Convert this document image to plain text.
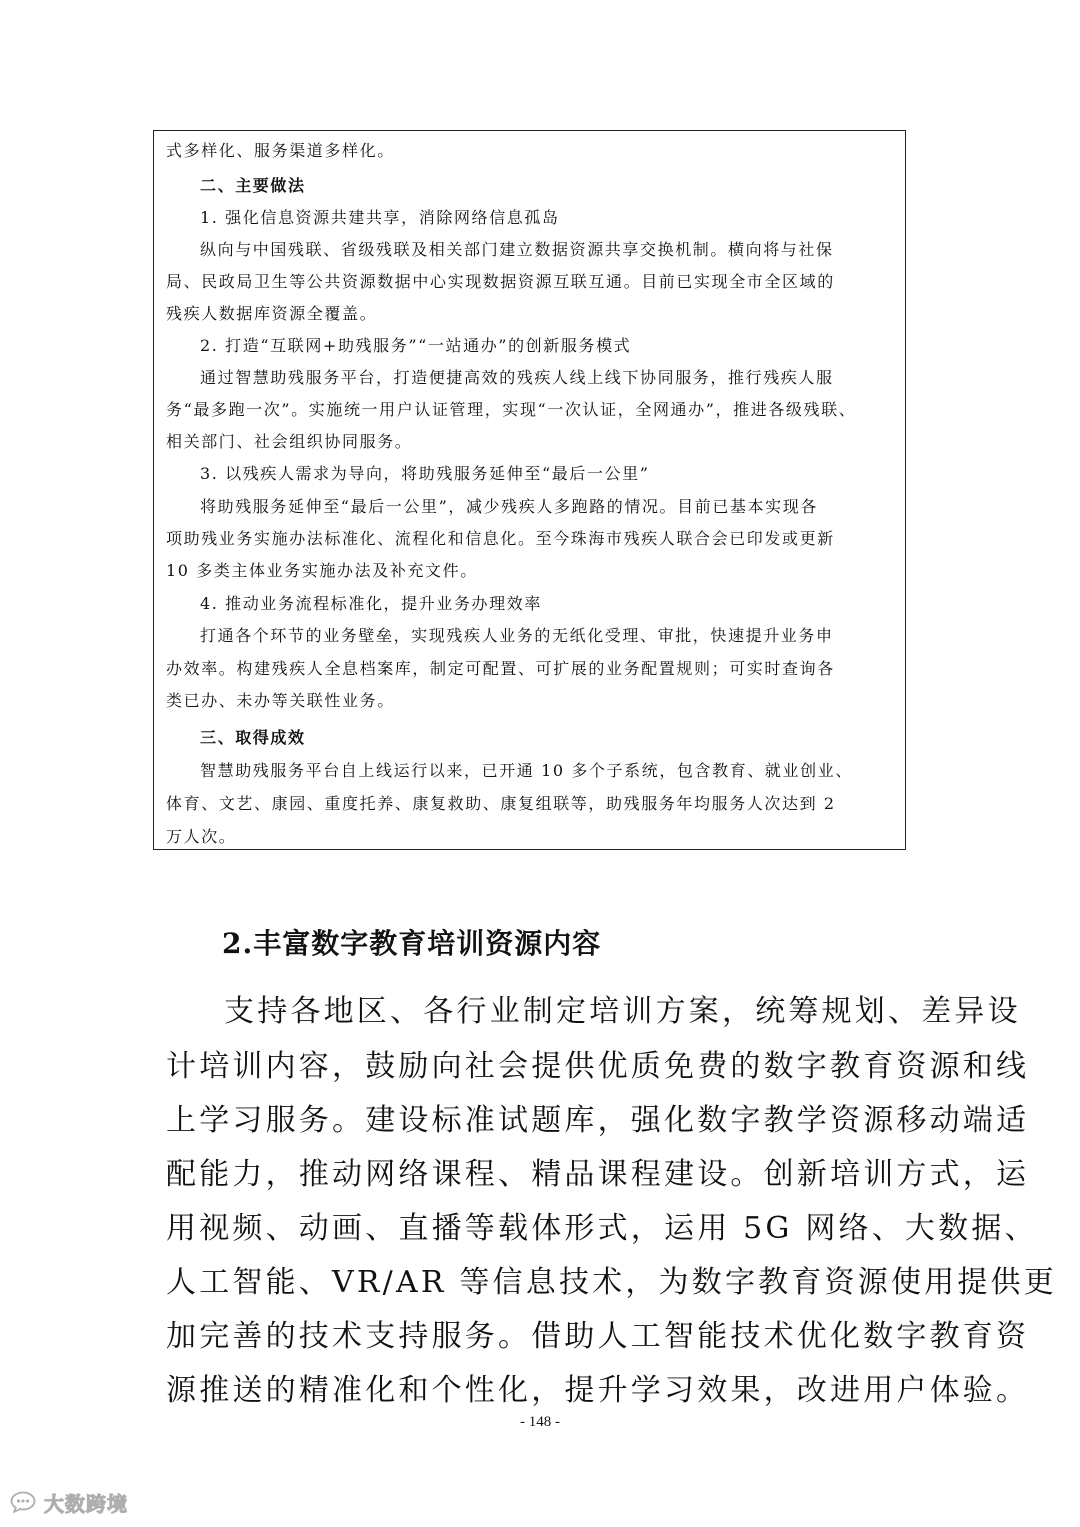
式多样化、服务渠道多样化。
二、主要做法
1. 强化信息资源共建共享，消除网络信息孤岛
纵向与中国残联、省级残联及相关部门建立数据资源共享交换机制。横向将与社保
局、民政局卫生等公共资源数据中心实现数据资源互联互通。目前已实现全市全区域的
残疾人数据库资源全覆盖。
2. 打造“互联网+助残服务”“一站通办”的创新服务模式
通过智慧助残服务平台，打造便捷高效的残疾人线上线下协同服务，推行残疾人服
务“最多跑一次”。实施统一用户认证管理，实现“一次认证，全网通办”，推进各级残联、
相关部门、社会组织协同服务。
3. 以残疾人需求为导向，将助残服务延伸至“最后一公里”
将助残服务延伸至“最后一公里”，减少残疾人多跑路的情况。目前已基本实现各
项助残业务实施办法标准化、流程化和信息化。至今珠海市残疾人联合会已印发或更新
10 多类主体业务实施办法及补充文件。
4. 推动业务流程标准化，提升业务办理效率
打通各个环节的业务壁垒，实现残疾人业务的无纸化受理、审批，快速提升业务申
办效率。构建残疾人全息档案库，制定可配置、可扩展的业务配置规则；可实时查询各
类已办、未办等关联性业务。
三、取得成效
智慧助残服务平台自上线运行以来，已开通 10 多个子系统，包含教育、就业创业、
体育、文艺、康园、重度托养、康复救助、康复组联等，助残服务年均服务人次达到 2
万人次。
2.丰富数字教育培训资源内容
支持各地区、各行业制定培训方案，统筹规划、差异设
计培训内容，鼓励向社会提供优质免费的数字教育资源和线
上学习服务。建设标准试题库，强化数字教学资源移动端适
配能力，推动网络课程、精品课程建设。创新培训方式，运
用视频、动画、直播等载体形式，运用 5G 网络、大数据、
人工智能、VR/AR 等信息技术，为数字教育资源使用提供更
加完善的技术支持服务。借助人工智能技术优化数字教育资
源推送的精准化和个性化，提升学习效果，改进用户体验。
- 148 -
大数跨境
